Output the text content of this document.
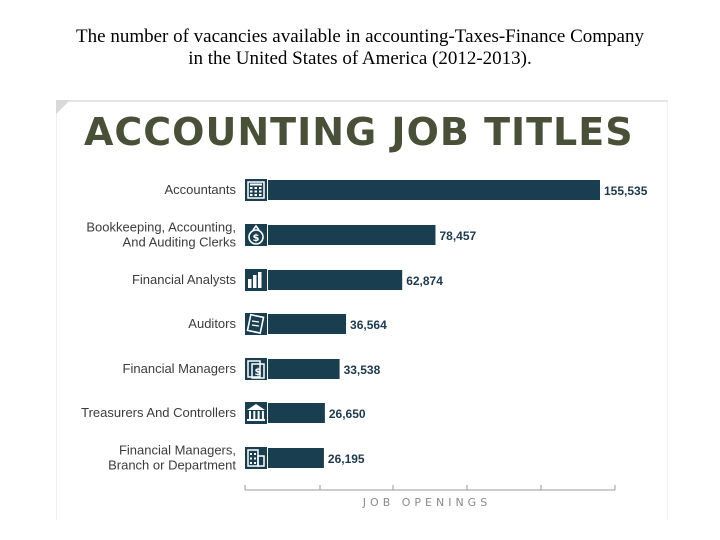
The number of vacancies available in accounting-Taxes-Finance Company
in the United States of America (2012-2013).
ACCOUNTING JOB TITLES
Accountants	155,535
$
Bookkeeping, Accounting,
And Auditing Clerks	78,457
Financial Analysts	62,874
Auditors	36,564
$
Financial Managers	33,538
Treasurers And Controllers	26,650
Financial Managers,
Branch or Department	26,195
JOB OPENINGS
